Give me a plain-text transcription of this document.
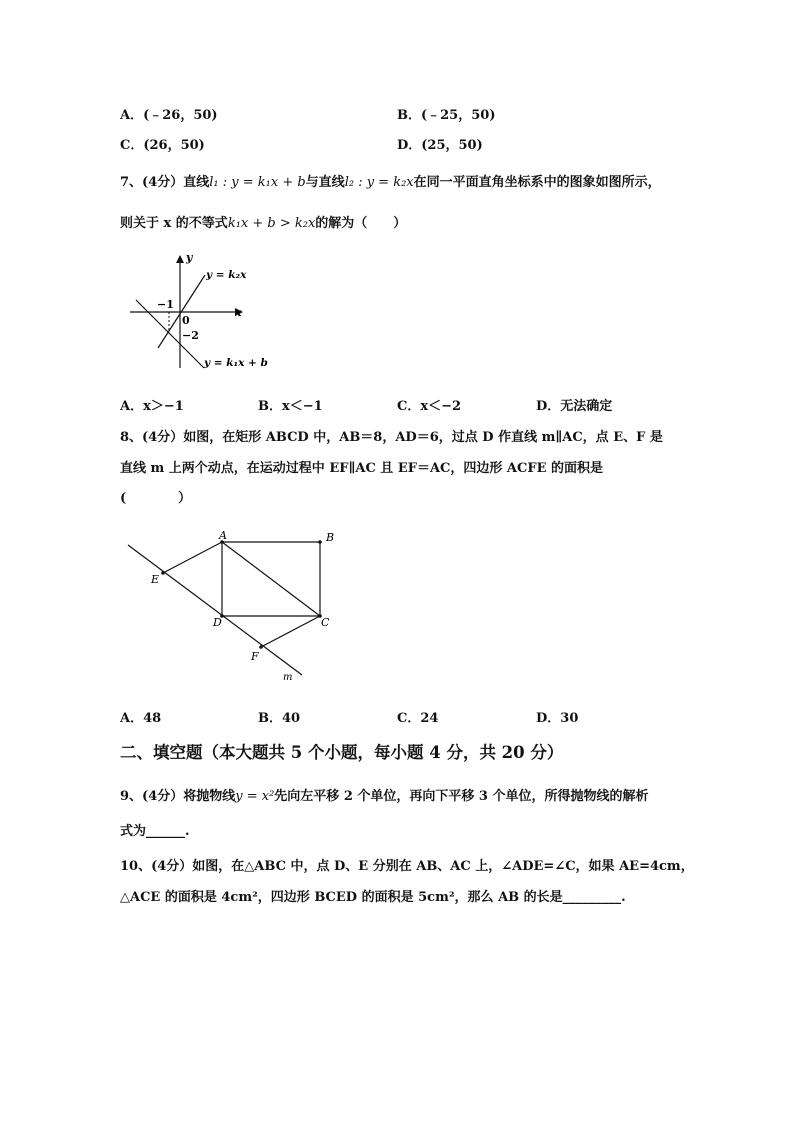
A．(﹣26，50)	B．(﹣25，50)
C．(26，50)	D．(25，50)
7、(4分）直线l₁ : y = k₁x + b与直线l₂ : y = k₂x在同一平面直角坐标系中的图象如图所示，
则关于 x 的不等式k₁x + b > k₂x的解为（　　）
y
x
y = k₂x
y = k₁x + b
−1
0
−2
A．x＞−1	B．x＜−1	C．x＜−2	D．无法确定
8、(4分）如图，在矩形 ABCD 中，AB＝8，AD＝6，过点 D 作直线 m∥AC，点 E、F 是
直线 m 上两个动点，在运动过程中 EF∥AC 且 EF＝AC，四边形 ACFE 的面积是
(　　　　）
A	B
C
D
E
F
m
A．48	B．40	C．24	D．30
二、填空题（本大题共 5 个小题，每小题 4 分，共 20 分）
9、(4分）将抛物线y = x²先向左平移 2 个单位，再向下平移 3 个单位，所得抛物线的解析
式为______.
10、(4分）如图，在△ABC 中，点 D、E 分别在 AB、AC 上，∠ADE=∠C，如果 AE=4cm，
△ACE 的面积是 4cm²，四边形 BCED 的面积是 5cm²，那么 AB 的长是_________.
